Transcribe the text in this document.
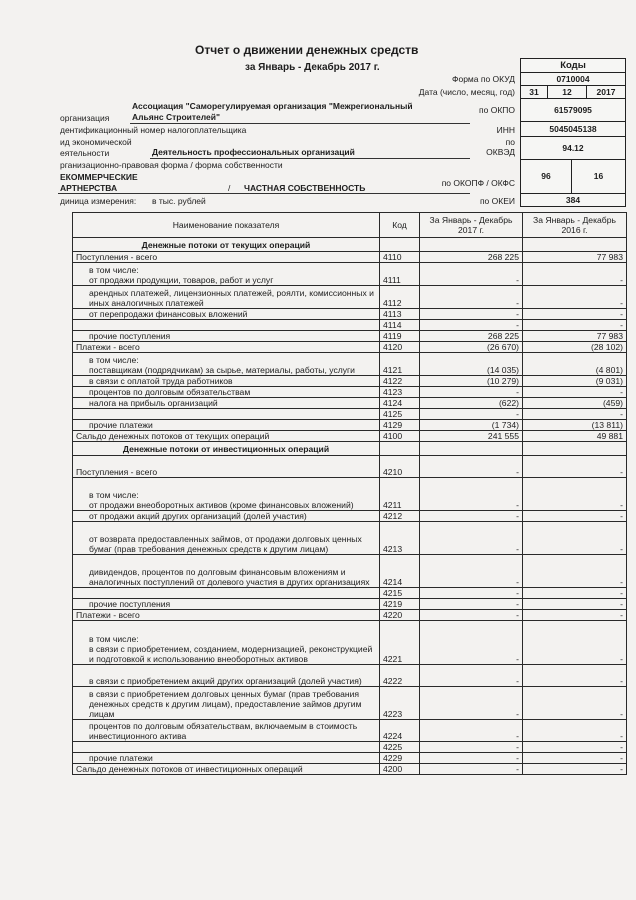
Отчет о движении денежных средств
за Январь - Декабрь 2017 г.	Коды
Форма по ОКУД	0710004
Дата (число, месяц, год)	31	12	2017
организация
Ассоциация "Саморегулируемая организация "Межрегиональный
Альянс Строителей"
по ОКПО	61579095
дентификационный номер налогоплательщика	ИНН	5045045138
ид экономической
еятельности	Деятельность профессиональных организаций
по
ОКВЭД	94.12
рганизационно-правовая форма / форма собственности
ЕКОММЕРЧЕСКИЕ
АРТНЕРСТВА	/ ЧАСТНАЯ СОБСТВЕННОСТЬ	по ОКОПФ / ОКФС
96	16
диница измерения: в тыс. рублей	по ОКЕИ	384
Наименование показателя	Код	За Январь - Декабрь 2017 г.	За Январь - Декабрь 2016 г.
Денежные потоки от текущих операций			
Поступления - всего	4110	268 225	77 983
в том числе:
от продажи продукции, товаров, работ и услуг	4111	-	-
арендных платежей, лицензионных платежей, роялти, комиссионных и иных аналогичных платежей	4112	-	-
от перепродажи финансовых вложений	4113	-	-
	4114	-	-
прочие поступления	4119	268 225	77 983
Платежи - всего	4120	(26 670)	(28 102)
в том числе:
поставщикам (подрядчикам) за сырье, материалы, работы, услуги	4121	(14 035)	(4 801)
в связи с оплатой труда работников	4122	(10 279)	(9 031)
процентов по долговым обязательствам	4123	-	-
налога на прибыль организаций	4124	(622)	(459)
	4125	-	-
прочие платежи	4129	(1 734)	(13 811)
Сальдо денежных потоков от текущих операций	4100	241 555	49 881
Денежные потоки от инвестиционных операций			
Поступления - всего	4210	-	-
в том числе:
от продажи внеоборотных активов (кроме финансовых вложений)	4211	-	-
от продажи акций других организаций (долей участия)	4212	-	-
от возврата предоставленных займов, от продажи долговых ценных бумаг (прав требования денежных средств к другим лицам)	4213	-	-
дивидендов, процентов по долговым финансовым вложениям и аналогичных поступлений от долевого участия в других организациях	4214	-	-
	4215	-	-
прочие поступления	4219	-	-
Платежи - всего	4220	-	-
в том числе:
в связи с приобретением, созданием, модернизацией, реконструкцией и подготовкой к использованию внеоборотных активов	4221	-	-
в связи с приобретением акций других организаций (долей участия)	4222	-	-
в связи с приобретением долговых ценных бумаг (прав требования денежных средств к другим лицам), предоставление займов другим лицам	4223	-	-
процентов по долговым обязательствам, включаемым в стоимость инвестиционного актива	4224	-	-
	4225	-	-
прочие платежи	4229	-	-
Сальдо денежных потоков от инвестиционных операций	4200	-	-
